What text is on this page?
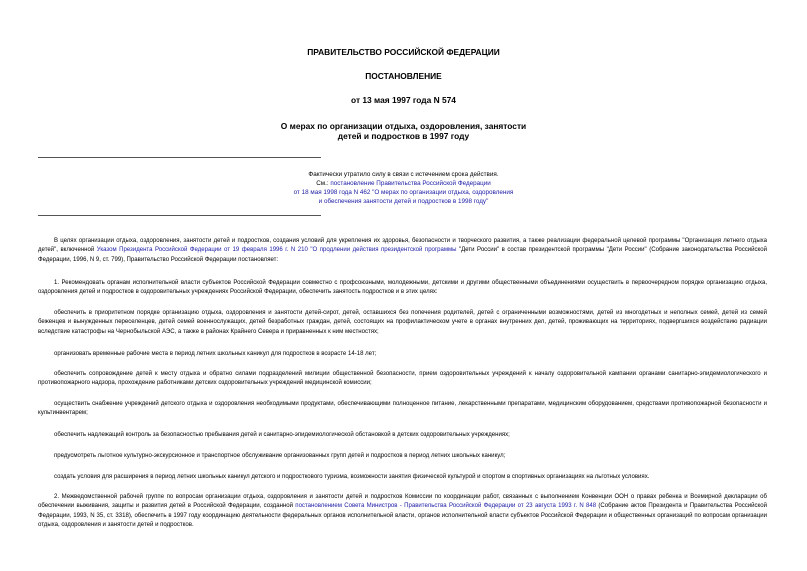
ПРАВИТЕЛЬСТВО РОССИЙСКОЙ ФЕДЕРАЦИИ
ПОСТАНОВЛЕНИЕ
от 13 мая 1997 года N 574
О мерах по организации отдыха, оздоровления, занятости
детей и подростков в 1997 году
Фактически утратило силу в связи с истечением срока действия.
См.: постановление Правительства Российской Федерации
от 18 мая 1998 года N 462 "О мерах по организации отдыха, оздоровления
и обеспечения занятости детей и подростков в 1998 году"

В целях организации отдыха, оздоровления, занятости детей и подростков, создания условий для укрепления их здоровья, безопасности и творческого развития, а также реализации федеральной целевой программы "Организация летнего отдыха детей", включенной Указом Президента Российской Федерации от 19 февраля 1996 г. N 210 "О продлении действия президентской программы "Дети России" в состав президентской программы "Дети России" (Собрание законодательства Российской Федерации, 1996, N 9, ст. 799), Правительство Российской Федерации постановляет:

1. Рекомендовать органам исполнительной власти субъектов Российской Федерации совместно с профсоюзными, молодежными, детскими и другими общественными объединениями осуществить в первоочередном порядке организацию отдыха, оздоровления детей и подростков в оздоровительных учреждениях Российской Федерации, обеспечить занятость подростков и в этих целях:

обеспечить в приоритетном порядке организацию отдыха, оздоровления и занятости детей-сирот, детей, оставшихся без попечения родителей, детей с ограниченными возможностями, детей из многодетных и неполных семей, детей из семей беженцев и вынужденных переселенцев, детей семей военнослужащих, детей безработных граждан, детей, состоящих на профилактическом учете в органах внутренних дел, детей, проживающих на территориях, подвергшихся воздействию радиации вследствие катастрофы на Чернобыльской АЭС, а также в районах Крайнего Севера и приравненных к ним местностях;

организовать временные рабочие места в период летних школьных каникул для подростков в возрасте 14-18 лет;

обеспечить сопровождение детей к месту отдыха и обратно силами подразделений милиции общественной безопасности, прием оздоровительных учреждений к началу оздоровительной кампании органами санитарно-эпидемиологического и противопожарного надзора, прохождение работниками детских оздоровительных учреждений медицинской комиссии;

осуществить снабжение учреждений детского отдыха и оздоровления необходимыми продуктами, обеспечивающими полноценное питание, лекарственными препаратами, медицинским оборудованием, средствами противопожарной безопасности и культинвентарем;

обеспечить надлежащий контроль за безопасностью пребывания детей и санитарно-эпидемиологической обстановкой в детских оздоровительных учреждениях;

предусмотреть льготное культурно-экскурсионное и транспортное обслуживание организованных групп детей и подростков в период летних школьных каникул;

создать условия для расширения в период летних школьных каникул детского и подросткового туризма, возможности занятия физической культурой и спортом в спортивных организациях на льготных условиях.

2. Межведомственной рабочей группе по вопросам организации отдыха, оздоровления и занятости детей и подростков Комиссии по координации работ, связанных с выполнением Конвенции ООН о правах ребенка и Всемирной декларации об обеспечении выживания, защиты и развития детей в Российской Федерации, созданной постановлением Совета Министров - Правительства Российской Федерации от 23 августа 1993 г. N 848 (Собрание актов Президента и Правительства Российской Федерации, 1993, N 35, ст. 3318), обеспечить в 1997 году координацию деятельности федеральных органов исполнительной власти, органов исполнительной власти субъектов Российской Федерации и общественных организаций по вопросам организации отдыха, оздоровления и занятости детей и подростков.
